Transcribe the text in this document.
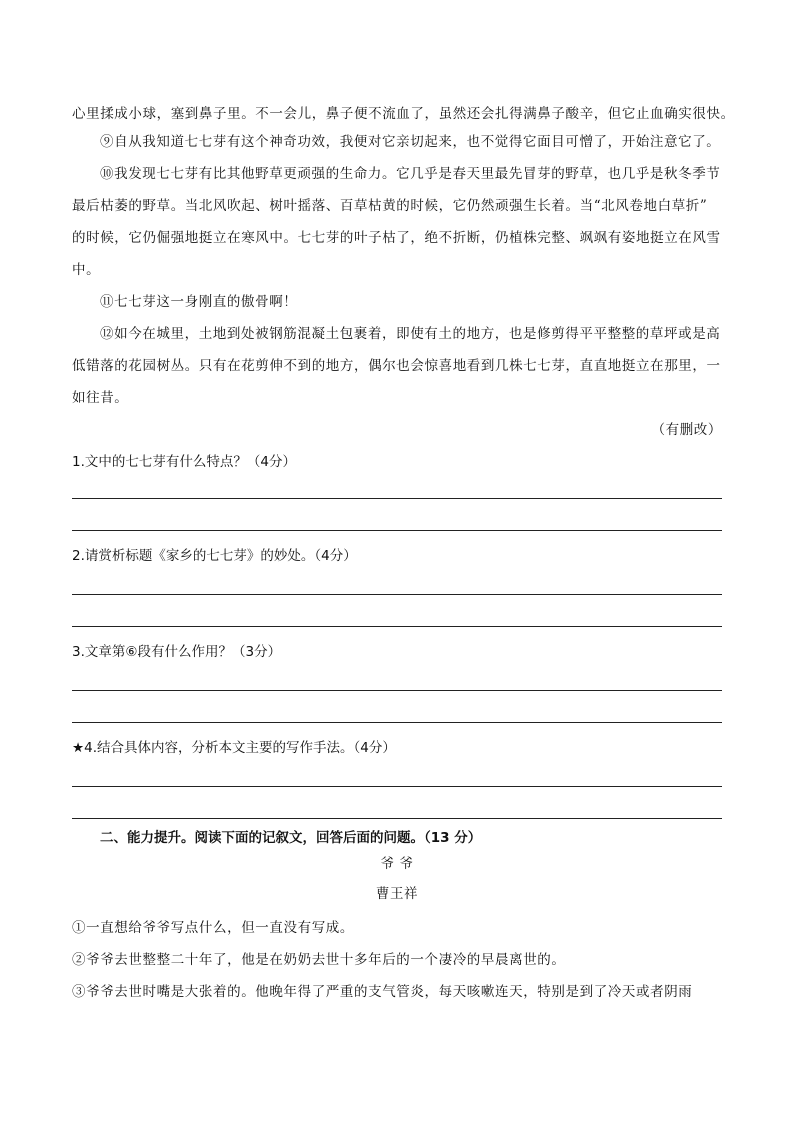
心里揉成小球，塞到鼻子里。不一会儿，鼻子便不流血了，虽然还会扎得满鼻子酸辛，但它止血确实很快。
⑨自从我知道七七芽有这个神奇功效，我便对它亲切起来，也不觉得它面目可憎了，开始注意它了。
⑩我发现七七芽有比其他野草更顽强的生命力。它几乎是春天里最先冒芽的野草，也几乎是秋冬季节
最后枯萎的野草。当北风吹起、树叶摇落、百草枯黄的时候，它仍然顽强生长着。当“北风卷地白草折”
的时候，它仍倔强地挺立在寒风中。七七芽的叶子枯了，绝不折断，仍植株完整、飒飒有姿地挺立在风雪
中。
⑪七七芽这一身刚直的傲骨啊！
⑫如今在城里，土地到处被钢筋混凝土包裹着，即使有土的地方，也是修剪得平平整整的草坪或是高
低错落的花园树丛。只有在花剪伸不到的地方，偶尔也会惊喜地看到几株七七芽，直直地挺立在那里，一
如往昔。
（有删改）
1.文中的七七芽有什么特点？（4分）
2.请赏析标题《家乡的七七芽》的妙处。（4分）
3.文章第⑥段有什么作用？（3分）
★4.结合具体内容，分析本文主要的写作手法。（4分）
二、能力提升。阅读下面的记叙文，回答后面的问题。（13 分）
爷 爷
曹王祥
①一直想给爷爷写点什么，但一直没有写成。
②爷爷去世整整二十年了，他是在奶奶去世十多年后的一个凄冷的早晨离世的。
③爷爷去世时嘴是大张着的。他晚年得了严重的支气管炎，每天咳嗽连天，特别是到了冷天或者阴雨
